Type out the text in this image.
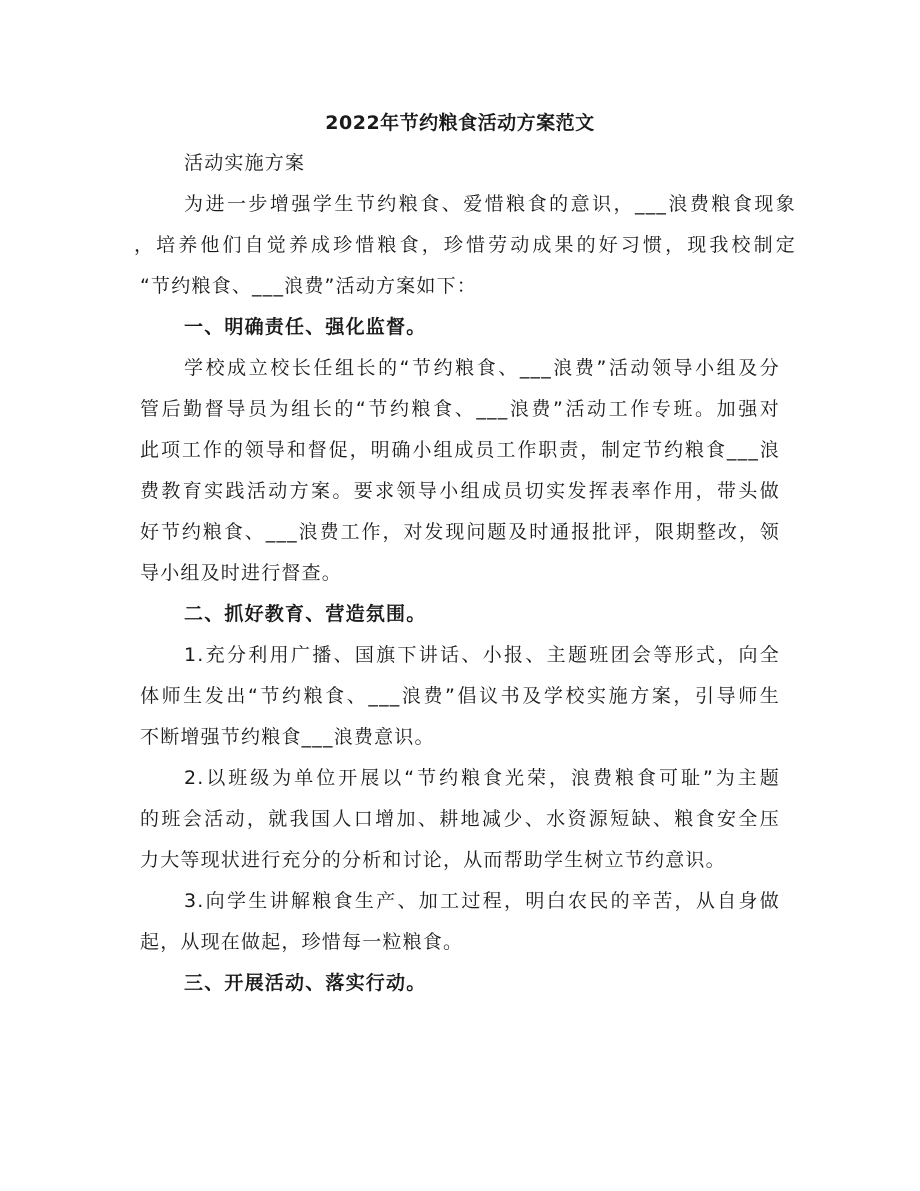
2022年节约粮食活动方案范文
活动实施方案
为进一步增强学生节约粮食、爱惜粮食的意识，___浪费粮食现象
，培养他们自觉养成珍惜粮食，珍惜劳动成果的好习惯，现我校制定
“节约粮食、___浪费”活动方案如下：
一、明确责任、强化监督。
学校成立校长任组长的“节约粮食、___浪费”活动领导小组及分
管后勤督导员为组长的“节约粮食、___浪费”活动工作专班。加强对
此项工作的领导和督促，明确小组成员工作职责，制定节约粮食___浪
费教育实践活动方案。要求领导小组成员切实发挥表率作用，带头做
好节约粮食、___浪费工作，对发现问题及时通报批评，限期整改，领
导小组及时进行督查。
二、抓好教育、营造氛围。
1.充分利用广播、国旗下讲话、小报、主题班团会等形式，向全
体师生发出“节约粮食、___浪费”倡议书及学校实施方案，引导师生
不断增强节约粮食___浪费意识。
2.以班级为单位开展以“节约粮食光荣，浪费粮食可耻”为主题
的班会活动，就我国人口增加、耕地减少、水资源短缺、粮食安全压
力大等现状进行充分的分析和讨论，从而帮助学生树立节约意识。
3.向学生讲解粮食生产、加工过程，明白农民的辛苦，从自身做
起，从现在做起，珍惜每一粒粮食。
三、开展活动、落实行动。
